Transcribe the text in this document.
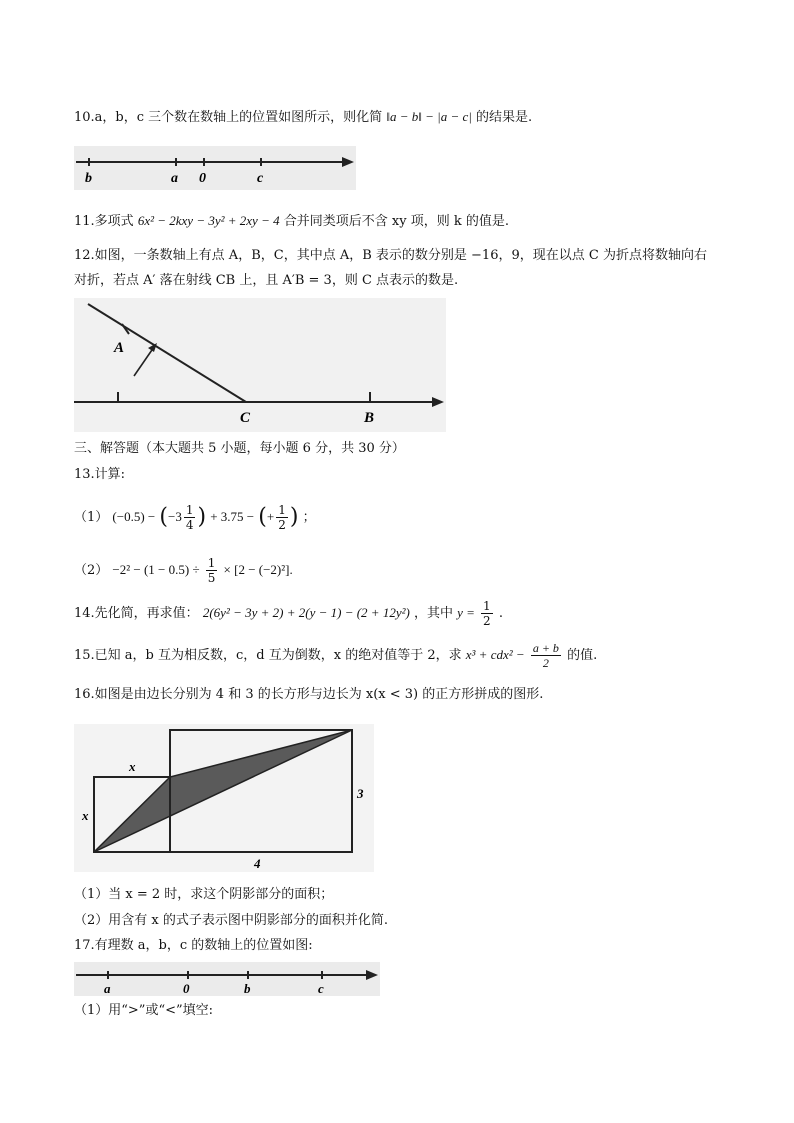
10.a，b，c 三个数在数轴上的位置如图所示，则化简 ‖a − b‖ − |a − c| 的结果是.
b	a 0	c
11.多项式 6x² − 2kxy − 3y² + 2xy − 4 合并同类项后不含 xy 项，则 k 的值是.
12.如图，一条数轴上有点 A，B，C，其中点 A，B 表示的数分别是 −16，9，现在以点 C 为折点将数轴向右
对折，若点 A′ 落在射线 CB 上，且 A′B = 3，则 C 点表示的数是.
A
C	B
三、解答题（本大题共 5 小题，每小题 6 分，共 30 分）
13.计算:
（1） $(-0.5) - (-3 \frac{1}{4}$ ) + 3.75 − (+ $\frac{1}{2}$ ) ；
$(2) -2^2 - (1 - 0.5) \div \frac{1}{5} \times [2 - (-2)^2]$.
14.先化简，再求值： 2(6y² − 3y + 2) + 2(y − 1) − (2 + 12y²) ，其中 $y = \frac{1}{2}$ .
15.已知 a，b 互为相反数，c，d 互为倒数，x 的绝对值等于 2，求 $x^3 + cdx^2 - \frac{a + b}{2}$ 的值.
16.如图是由边长分别为 4 和 3 的长方形与边长为 x(x < 3) 的正方形拼成的图形.
x
x
3
4
（1）当 x = 2 时，求这个阴影部分的面积；
（2）用含有 x 的式子表示图中阴影部分的面积并化简.
17.有理数 a，b，c 的数轴上的位置如图:
a	0	b	c
（1）用“>”或“<”填空:
